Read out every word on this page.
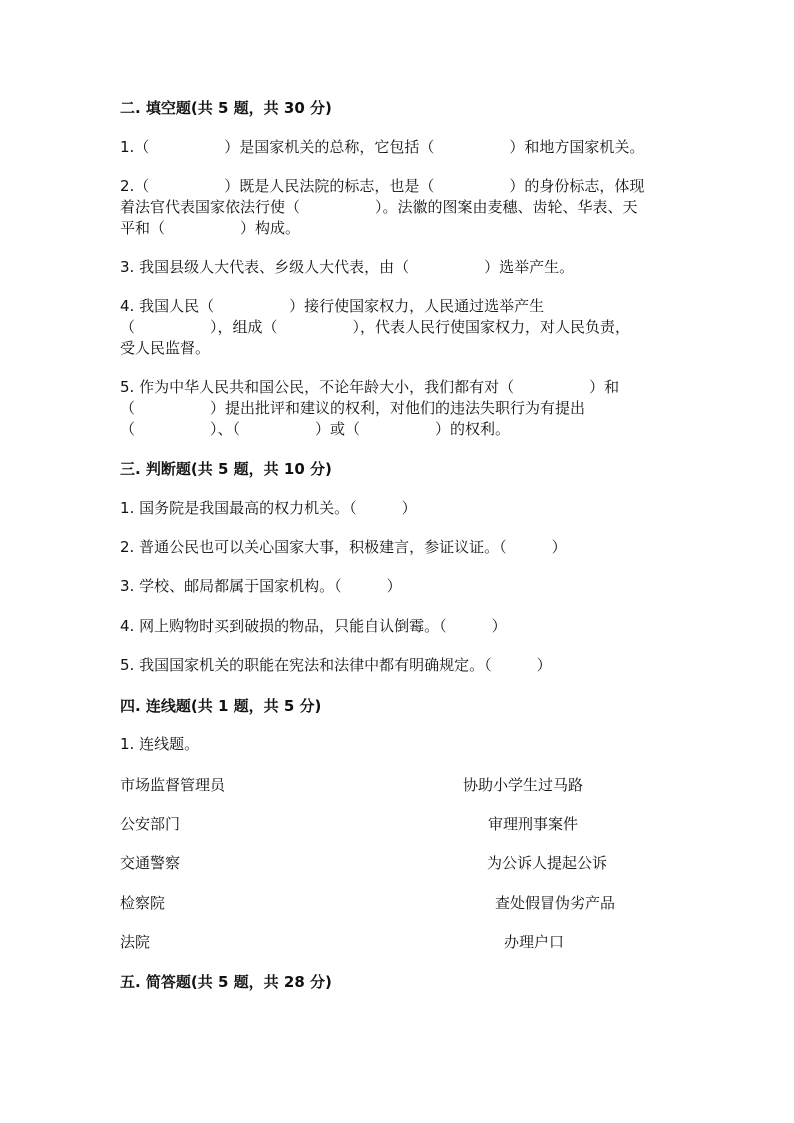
二. 填空题(共 5 题，共 30 分)
1.（　　　　　）是国家机关的总称，它包括（　　　　　）和地方国家机关。
2.（　　　　　）既是人民法院的标志，也是（　　　　　）的身份标志，体现
着法官代表国家依法行使（　　　　　）。法徽的图案由麦穗、齿轮、华表、天
平和（　　　　　）构成。
3. 我国县级人大代表、乡级人大代表，由（　　　　　）选举产生。
4. 我国人民（　　　　　）接行使国家权力，人民通过选举产生
（　　　　　），组成（　　　　　），代表人民行使国家权力，对人民负责，
受人民监督。
5. 作为中华人民共和国公民，不论年龄大小，我们都有对（　　　　　）和
（　　　　　）提出批评和建议的权利，对他们的违法失职行为有提出
（　　　　　）、（　　　　　）或（　　　　　）的权利。
三. 判断题(共 5 题，共 10 分)
1. 国务院是我国最高的权力机关。（　　　）
2. 普通公民也可以关心国家大事，积极建言，参证议证。（　　　）
3. 学校、邮局都属于国家机构。（　　　）
4. 网上购物时买到破损的物品，只能自认倒霉。（　　　）
5. 我国国家机关的职能在宪法和法律中都有明确规定。（　　　）
四. 连线题(共 1 题，共 5 分)
1. 连线题。
市场监督管理员	协助小学生过马路
公安部门	审理刑事案件
交通警察	为公诉人提起公诉
检察院	查处假冒伪劣产品
法院	办理户口
五. 简答题(共 5 题，共 28 分)
